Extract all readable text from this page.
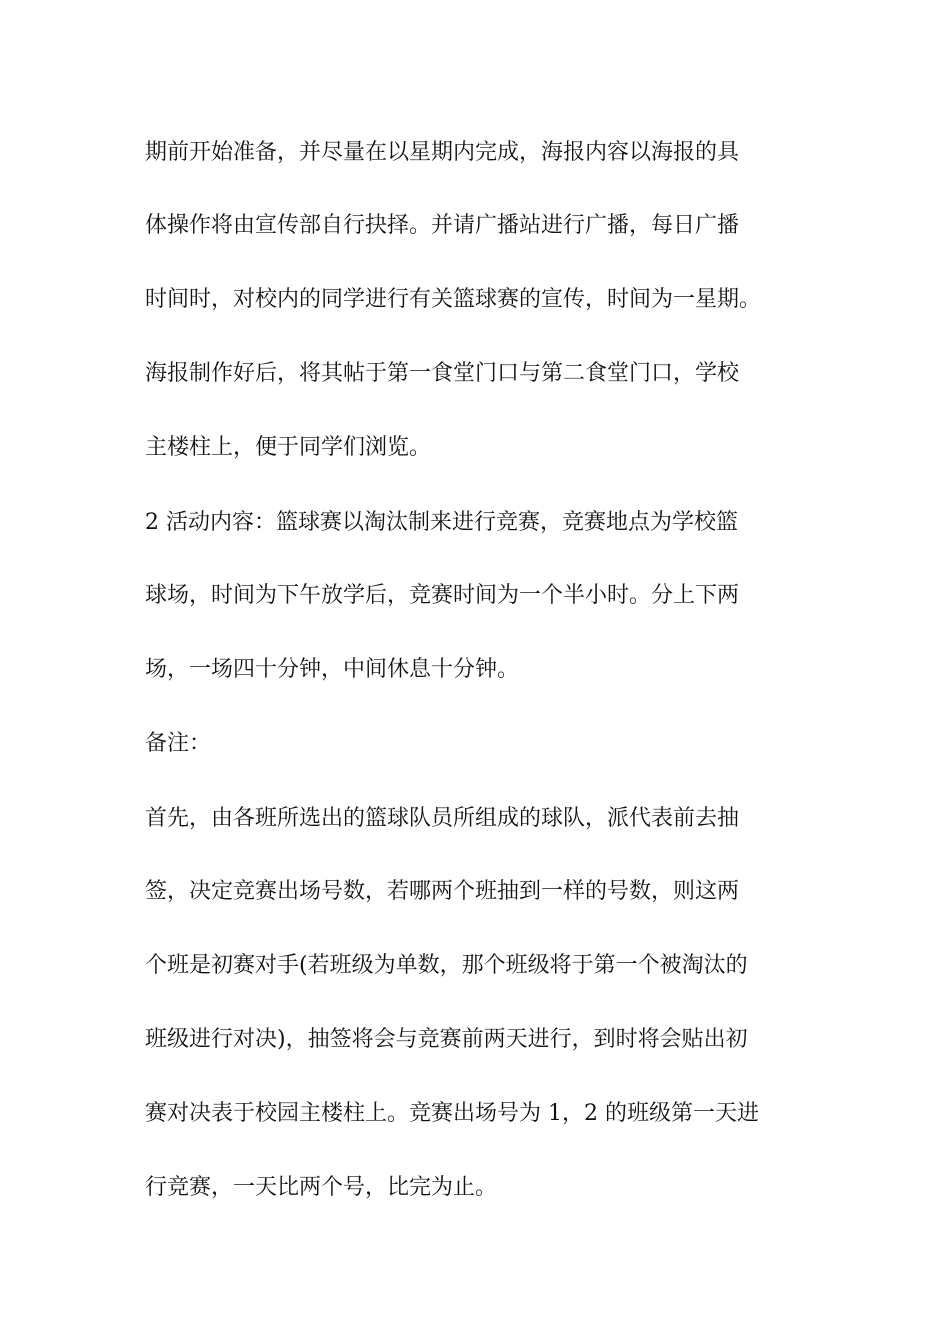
期前开始准备，并尽量在以星期内完成，海报内容以海报的具
体操作将由宣传部自行抉择。并请广播站进行广播，每日广播
时间时，对校内的同学进行有关篮球赛的宣传，时间为一星期。
海报制作好后，将其帖于第一食堂门口与第二食堂门口，学校
主楼柱上，便于同学们浏览。
2 活动内容：篮球赛以淘汰制来进行竞赛，竞赛地点为学校篮
球场，时间为下午放学后，竞赛时间为一个半小时。分上下两
场，一场四十分钟，中间休息十分钟。
备注：
首先，由各班所选出的篮球队员所组成的球队，派代表前去抽
签，决定竞赛出场号数，若哪两个班抽到一样的号数，则这两
个班是初赛对手(若班级为单数，那个班级将于第一个被淘汰的
班级进行对决)，抽签将会与竞赛前两天进行，到时将会贴出初
赛对决表于校园主楼柱上。竞赛出场号为 1，2 的班级第一天进
行竞赛，一天比两个号，比完为止。
